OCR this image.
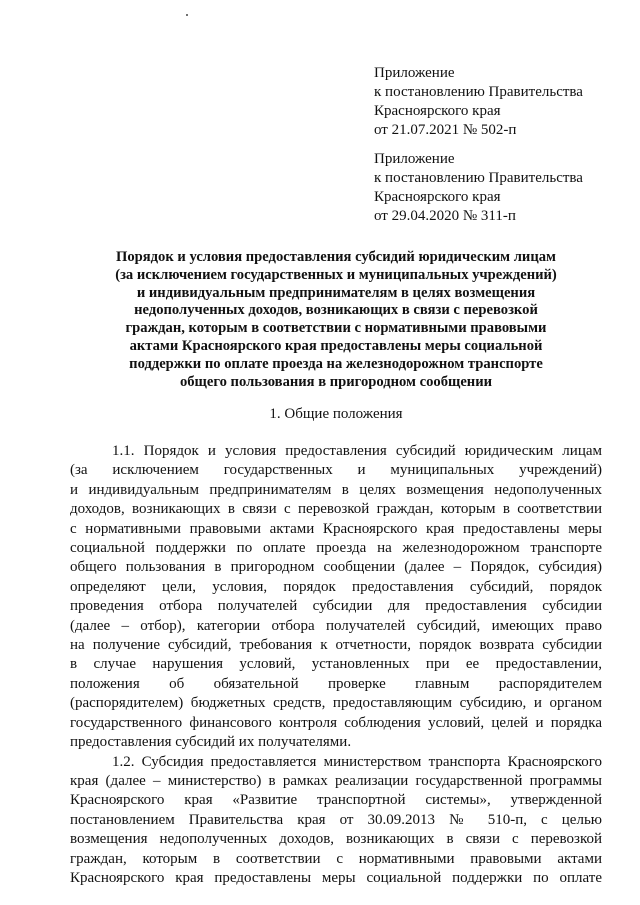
Приложение
к постановлению Правительства
Красноярского края
от 21.07.2021 № 502-п
Приложение
к постановлению Правительства
Красноярского края
от 29.04.2020 № 311-п
Порядок и условия предоставления субсидий юридическим лицам
(за исключением государственных и муниципальных учреждений)
и индивидуальным предпринимателям в целях возмещения
недополученных доходов, возникающих в связи с перевозкой
граждан, которым в соответствии с нормативными правовыми
актами Красноярского края предоставлены меры социальной
поддержки по оплате проезда на железнодорожном транспорте
общего пользования в пригородном сообщении
1. Общие положения
1.1. Порядок и условия предоставления субсидий юридическим лицам
(за исключением государственных и муниципальных учреждений)
и индивидуальным предпринимателям в целях возмещения недополученных
доходов, возникающих в связи с перевозкой граждан, которым в соответствии
с нормативными правовыми актами Красноярского края предоставлены меры
социальной поддержки по оплате проезда на железнодорожном транспорте
общего пользования в пригородном сообщении (далее – Порядок, субсидия)
определяют цели, условия, порядок предоставления субсидий, порядок
проведения отбора получателей субсидии для предоставления субсидии
(далее – отбор), категории отбора получателей субсидий, имеющих право
на получение субсидий, требования к отчетности, порядок возврата субсидии
в случае нарушения условий, установленных при ее предоставлении,
положения об обязательной проверке главным распорядителем
(распорядителем) бюджетных средств, предоставляющим субсидию, и органом
государственного финансового контроля соблюдения условий, целей и порядка
предоставления субсидий их получателями.
1.2. Субсидия предоставляется министерством транспорта Красноярского
края (далее – министерство) в рамках реализации государственной программы
Красноярского края «Развитие транспортной системы», утвержденной
постановлением Правительства края от 30.09.2013 № 510-п, с целью
возмещения недополученных доходов, возникающих в связи с перевозкой
граждан, которым в соответствии с нормативными правовыми актами
Красноярского края предоставлены меры социальной поддержки по оплате
